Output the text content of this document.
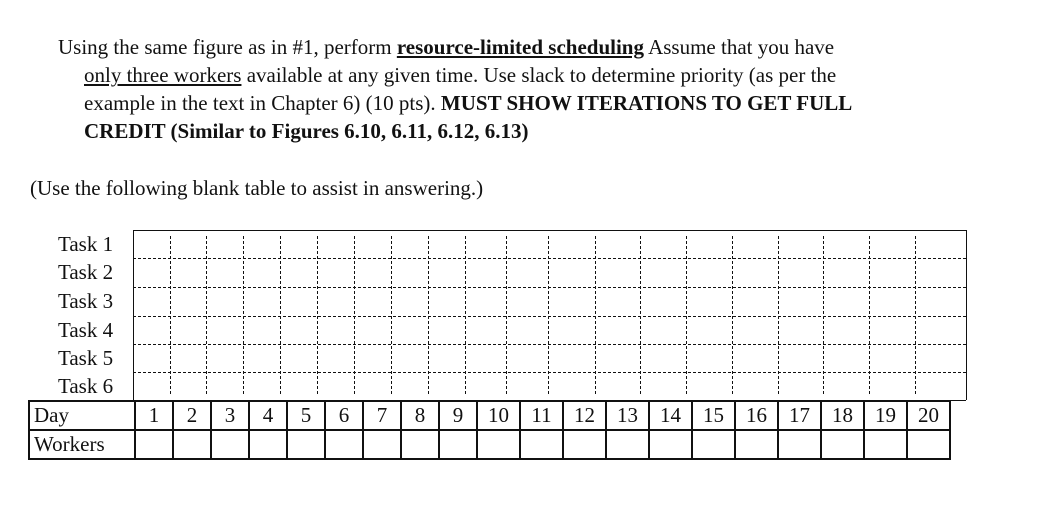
Using the same figure as in #1, perform resource-limited scheduling Assume that you have
only three workers available at any given time. Use slack to determine priority (as per the
example in the text in Chapter 6) (10 pts). MUST SHOW ITERATIONS TO GET FULL
CREDIT (Similar to Figures 6.10, 6.11, 6.12, 6.13)
(Use the following blank table to assist in answering.)
Task 1
Task 2
Task 3
Task 4
Task 5
Task 6
Day	1	2	3	4	5	6	7	8	9	10	11	12	13	14	15	16	17	18	19	20
Workers																				
